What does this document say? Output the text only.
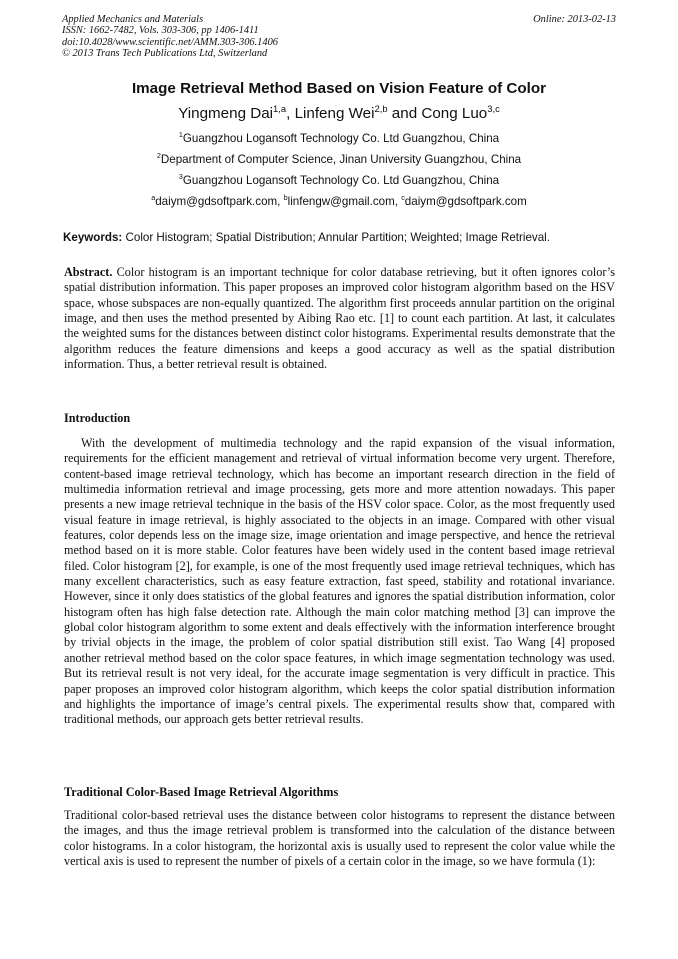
Applied Mechanics and Materials
ISSN: 1662-7482, Vols. 303-306, pp 1406-1411
doi:10.4028/www.scientific.net/AMM.303-306.1406
© 2013 Trans Tech Publications Ltd, Switzerland
Online: 2013-02-13
Image Retrieval Method Based on Vision Feature of Color
Yingmeng Dai$^{1,a}$, Linfeng Wei$^{2,b}$ and Cong Luo$^{3,c}$
$^1$Guangzhou Logansoft Technology Co. Ltd Guangzhou, China
$^2$Department of Computer Science, Jinan University Guangzhou, China
$^3$Guangzhou Logansoft Technology Co. Ltd Guangzhou, China
$^a$daiym@gdsoftpark.com, $^b$linfengw@gmail.com, $^c$daiym@gdsoftpark.com
Keywords: Color Histogram; Spatial Distribution; Annular Partition; Weighted; Image Retrieval.
Abstract. Color histogram is an important technique for color database retrieving, but it often ignores color’s spatial distribution information. This paper proposes an improved color histogram algorithm based on the HSV space, whose subspaces are non-equally quantized. The algorithm first proceeds annular partition on the original image, and then uses the method presented by Aibing Rao etc. [1] to count each partition. At last, it calculates the weighted sums for the distances between distinct color histograms. Experimental results demonstrate that the algorithm reduces the feature dimensions and keeps a good accuracy as well as the spatial distribution information. Thus, a better retrieval result is obtained.
Introduction
With the development of multimedia technology and the rapid expansion of the visual information, requirements for the efficient management and retrieval of virtual information become very urgent. Therefore, content-based image retrieval technology, which has become an important research direction in the field of multimedia information retrieval and image processing, gets more and more attention nowadays. This paper presents a new image retrieval technique in the basis of the HSV color space. Color, as the most frequently used visual feature in image retrieval, is highly associated to the objects in an image. Compared with other visual features, color depends less on the image size, image orientation and image perspective, and hence the retrieval method based on it is more stable. Color features have been widely used in the content based image retrieval filed. Color histogram [2], for example, is one of the most frequently used image retrieval techniques, which has many excellent characteristics, such as easy feature extraction, fast speed, stability and rotational invariance. However, since it only does statistics of the global features and ignores the spatial distribution information, color histogram often has high false detection rate. Although the main color matching method [3] can improve the global color histogram algorithm to some extent and deals effectively with the information interference brought by trivial objects in the image, the problem of color spatial distribution still exist. Tao Wang [4] proposed another retrieval method based on the color space features, in which image segmentation technology was used. But its retrieval result is not very ideal, for the accurate image segmentation is very difficult in practice. This paper proposes an improved color histogram algorithm, which keeps the color spatial distribution information and highlights the importance of image’s central pixels. The experimental results show that, compared with traditional methods, our approach gets better retrieval results.
Traditional Color-Based Image Retrieval Algorithms
Traditional color-based retrieval uses the distance between color histograms to represent the distance between the images, and thus the image retrieval problem is transformed into the calculation of the distance between color histograms. In a color histogram, the horizontal axis is usually used to represent the color value while the vertical axis is used to represent the number of pixels of a certain color in the image, so we have formula (1):
